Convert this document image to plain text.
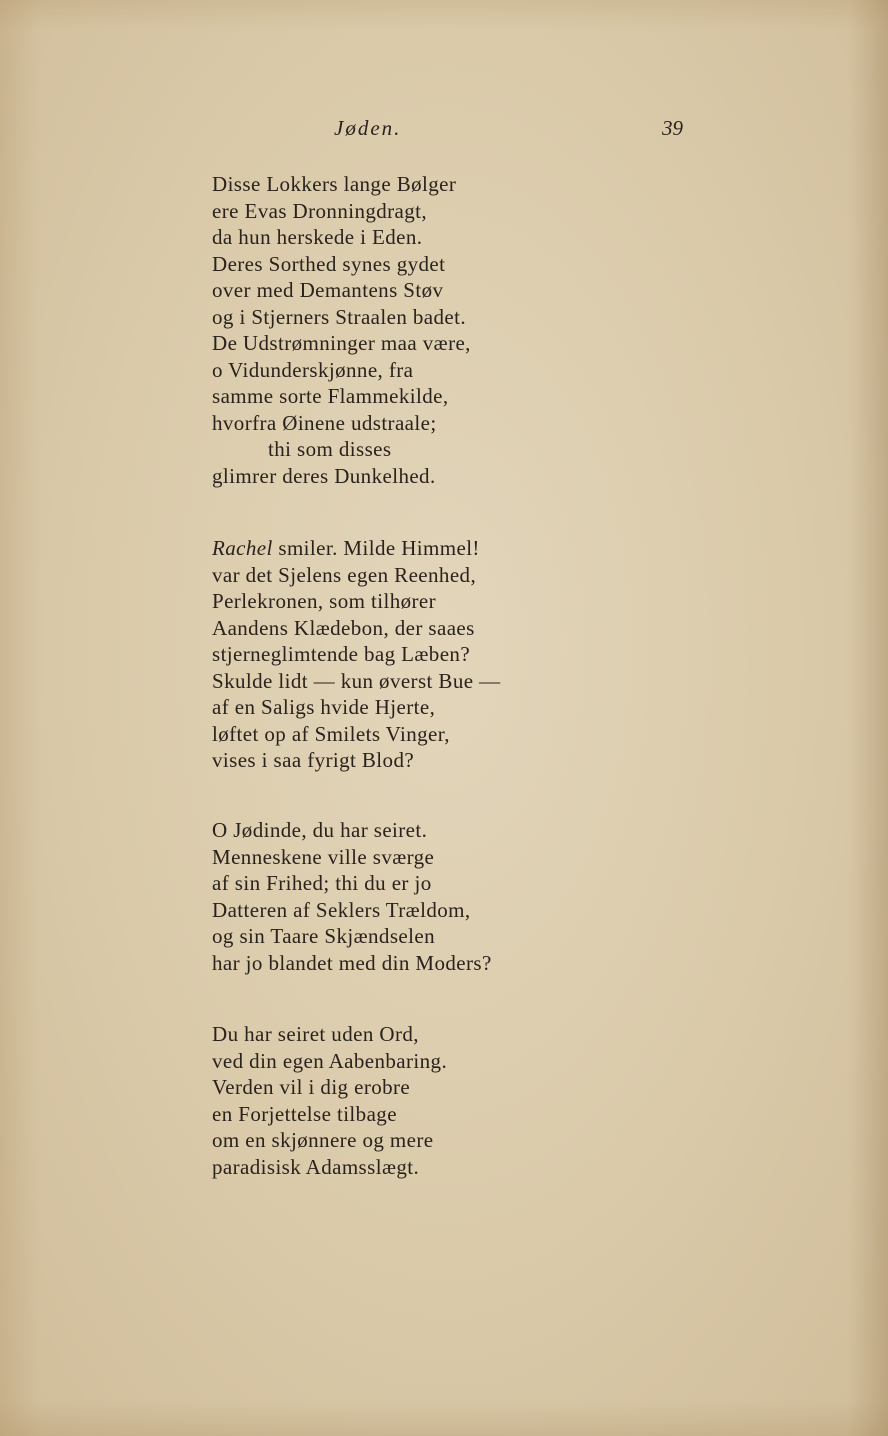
Jøden.	39
Disse Lokkers lange Bølger
ere Evas Dronningdragt,
da hun herskede i Eden.
Deres Sorthed synes gydet
over med Demantens Støv
og i Stjerners Straalen badet.
De Udstrømninger maa være,
o Vidunderskjønne, fra
samme sorte Flammekilde,
hvorfra Øinene udstraale;
thi som disses
glimrer deres Dunkelhed.
Rachel smiler. Milde Himmel!
var det Sjelens egen Reenhed,
Perlekronen, som tilhører
Aandens Klædebon, der saaes
stjerneglimtende bag Læben?
Skulde lidt — kun øverst Bue —
af en Saligs hvide Hjerte,
løftet op af Smilets Vinger,
vises i saa fyrigt Blod?
O Jødinde, du har seiret.
Menneskene ville sværge
af sin Frihed; thi du er jo
Datteren af Seklers Trældom,
og sin Taare Skjændselen
har jo blandet med din Moders?
Du har seiret uden Ord,
ved din egen Aabenbaring.
Verden vil i dig erobre
en Forjettelse tilbage
om en skjønnere og mere
paradisisk Adamsslægt.
